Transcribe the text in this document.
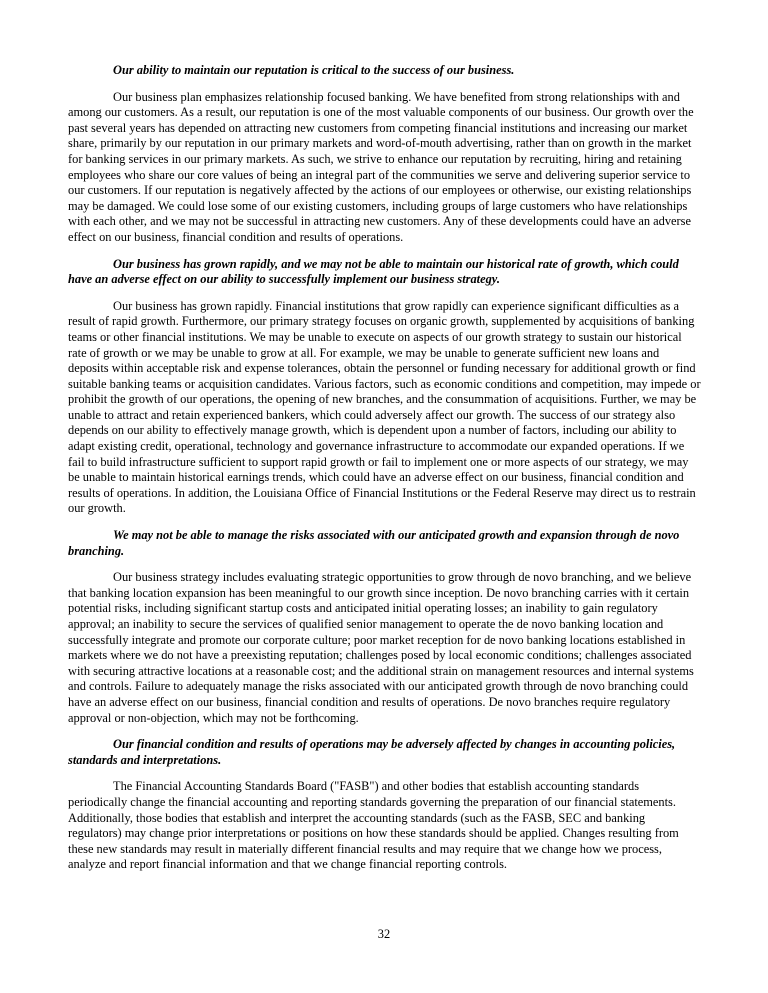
Our ability to maintain our reputation is critical to the success of our business.
Our business plan emphasizes relationship focused banking. We have benefited from strong relationships with and among our customers. As a result, our reputation is one of the most valuable components of our business. Our growth over the past several years has depended on attracting new customers from competing financial institutions and increasing our market share, primarily by our reputation in our primary markets and word-of-mouth advertising, rather than on growth in the market for banking services in our primary markets. As such, we strive to enhance our reputation by recruiting, hiring and retaining employees who share our core values of being an integral part of the communities we serve and delivering superior service to our customers. If our reputation is negatively affected by the actions of our employees or otherwise, our existing relationships may be damaged. We could lose some of our existing customers, including groups of large customers who have relationships with each other, and we may not be successful in attracting new customers. Any of these developments could have an adverse effect on our business, financial condition and results of operations.
Our business has grown rapidly, and we may not be able to maintain our historical rate of growth, which could have an adverse effect on our ability to successfully implement our business strategy.
Our business has grown rapidly. Financial institutions that grow rapidly can experience significant difficulties as a result of rapid growth. Furthermore, our primary strategy focuses on organic growth, supplemented by acquisitions of banking teams or other financial institutions. We may be unable to execute on aspects of our growth strategy to sustain our historical rate of growth or we may be unable to grow at all. For example, we may be unable to generate sufficient new loans and deposits within acceptable risk and expense tolerances, obtain the personnel or funding necessary for additional growth or find suitable banking teams or acquisition candidates. Various factors, such as economic conditions and competition, may impede or prohibit the growth of our operations, the opening of new branches, and the consummation of acquisitions. Further, we may be unable to attract and retain experienced bankers, which could adversely affect our growth. The success of our strategy also depends on our ability to effectively manage growth, which is dependent upon a number of factors, including our ability to adapt existing credit, operational, technology and governance infrastructure to accommodate our expanded operations. If we fail to build infrastructure sufficient to support rapid growth or fail to implement one or more aspects of our strategy, we may be unable to maintain historical earnings trends, which could have an adverse effect on our business, financial condition and results of operations. In addition, the Louisiana Office of Financial Institutions or the Federal Reserve may direct us to restrain our growth.
We may not be able to manage the risks associated with our anticipated growth and expansion through de novo branching.
Our business strategy includes evaluating strategic opportunities to grow through de novo branching, and we believe that banking location expansion has been meaningful to our growth since inception. De novo branching carries with it certain potential risks, including significant startup costs and anticipated initial operating losses; an inability to gain regulatory approval; an inability to secure the services of qualified senior management to operate the de novo banking location and successfully integrate and promote our corporate culture; poor market reception for de novo banking locations established in markets where we do not have a preexisting reputation; challenges posed by local economic conditions; challenges associated with securing attractive locations at a reasonable cost; and the additional strain on management resources and internal systems and controls. Failure to adequately manage the risks associated with our anticipated growth through de novo branching could have an adverse effect on our business, financial condition and results of operations. De novo branches require regulatory approval or non-objection, which may not be forthcoming.
Our financial condition and results of operations may be adversely affected by changes in accounting policies, standards and interpretations.
The Financial Accounting Standards Board ("FASB") and other bodies that establish accounting standards periodically change the financial accounting and reporting standards governing the preparation of our financial statements. Additionally, those bodies that establish and interpret the accounting standards (such as the FASB, SEC and banking regulators) may change prior interpretations or positions on how these standards should be applied. Changes resulting from these new standards may result in materially different financial results and may require that we change how we process, analyze and report financial information and that we change financial reporting controls.
32
